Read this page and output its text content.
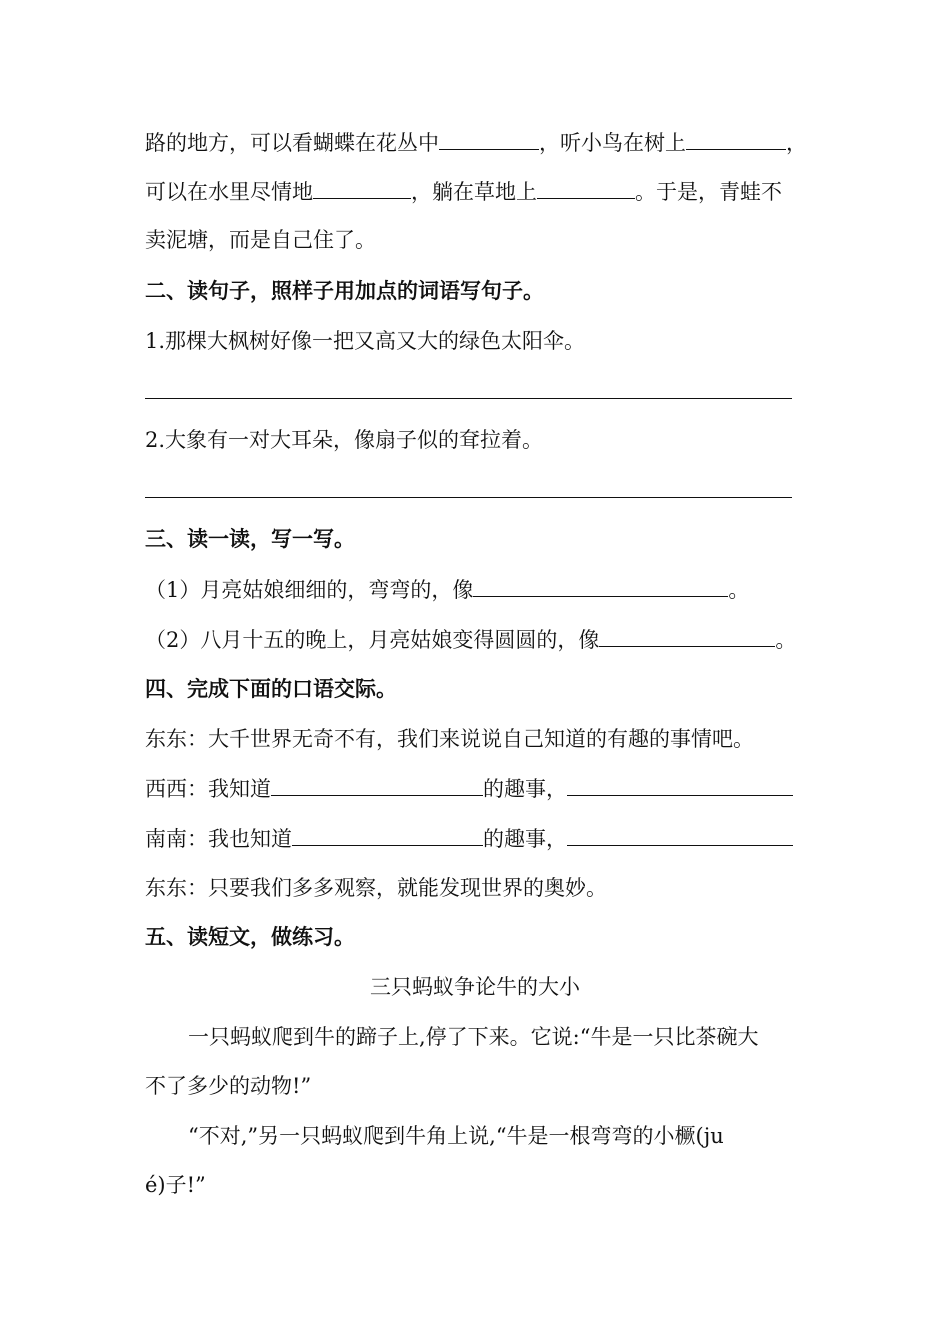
路的地方，可以看蝴蝶在花丛中	，听小鸟在树上	，
可以在水里尽情地	，躺在草地上	。于是，青蛙不
卖泥塘，而是自己住了。
二、读句子，照样子用加点的词语写句子。
1.那棵大枫树好像一把又高又大的绿色太阳伞。
2.大象有一对大耳朵，像扇子似的耷拉着。
三、读一读，写一写。
（1）月亮姑娘细细的，弯弯的，像	。
（2）八月十五的晚上，月亮姑娘变得圆圆的，像	。
四、完成下面的口语交际。
东东：大千世界无奇不有，我们来说说自己知道的有趣的事情吧。
西西：我知道	的趣事，
南南：我也知道	的趣事，
东东：只要我们多多观察，就能发现世界的奥妙。
五、读短文，做练习。
三只蚂蚁争论牛的大小
一只蚂蚁爬到牛的蹄子上,停了下来。它说:“牛是一只比茶碗大
不了多少的动物!”
“不对,”另一只蚂蚁爬到牛角上说,“牛是一根弯弯的小橛(ju
é)子!”
